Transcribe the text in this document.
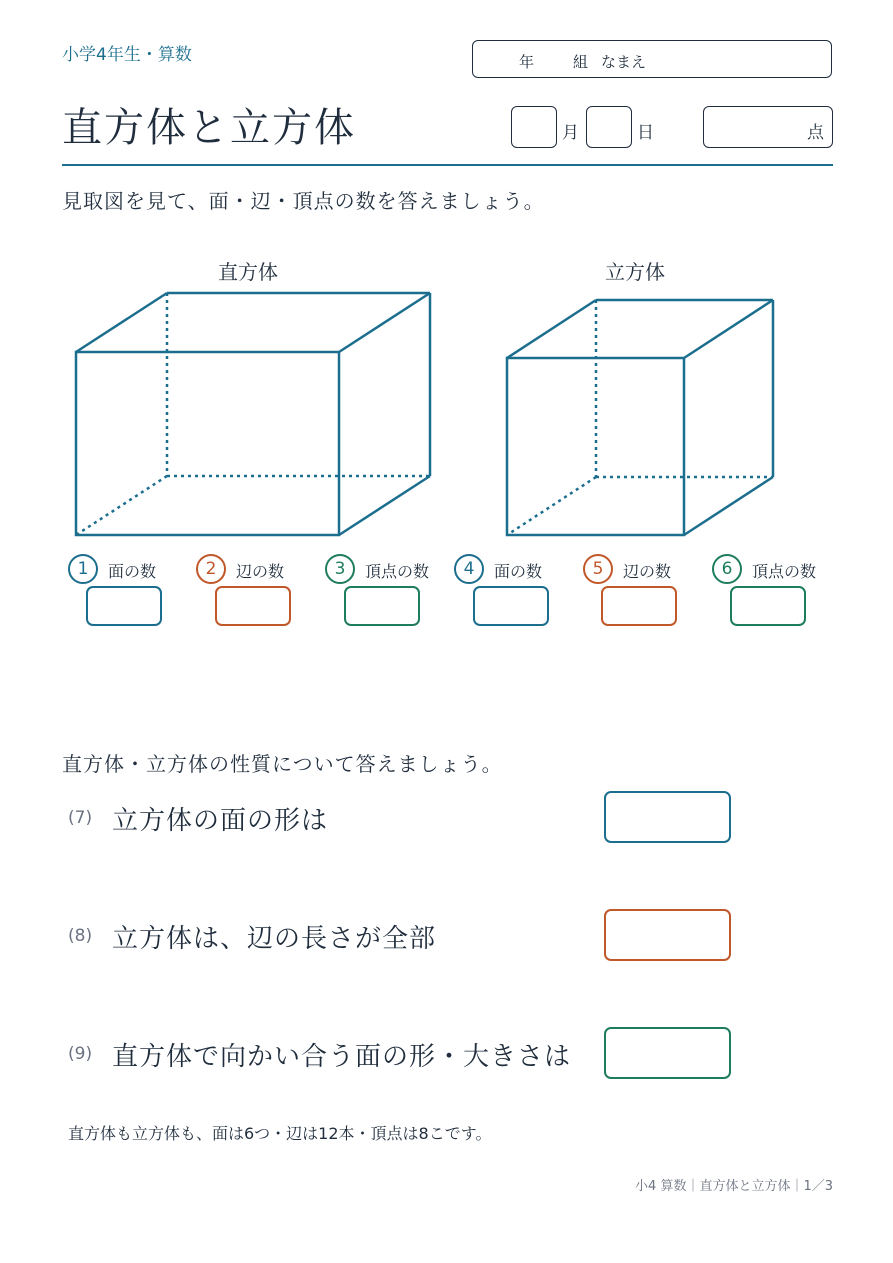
小学4年生・算数	年	組 なまえ
直方体と立方体	月	日	点
見取図を見て、面・辺・頂点の数を答えましょう。
直方体	立方体
1	面の数	2	辺の数	3	頂点の数	4	面の数	5	辺の数	6	頂点の数
直方体・立方体の性質について答えましょう。
(7) 立方体の面の形は
(8) 立方体は、辺の長さが全部
(9) 直方体で向かい合う面の形・大きさは
直方体も立方体も、面は6つ・辺は12本・頂点は8こです。
小4 算数｜直方体と立方体｜1／3
